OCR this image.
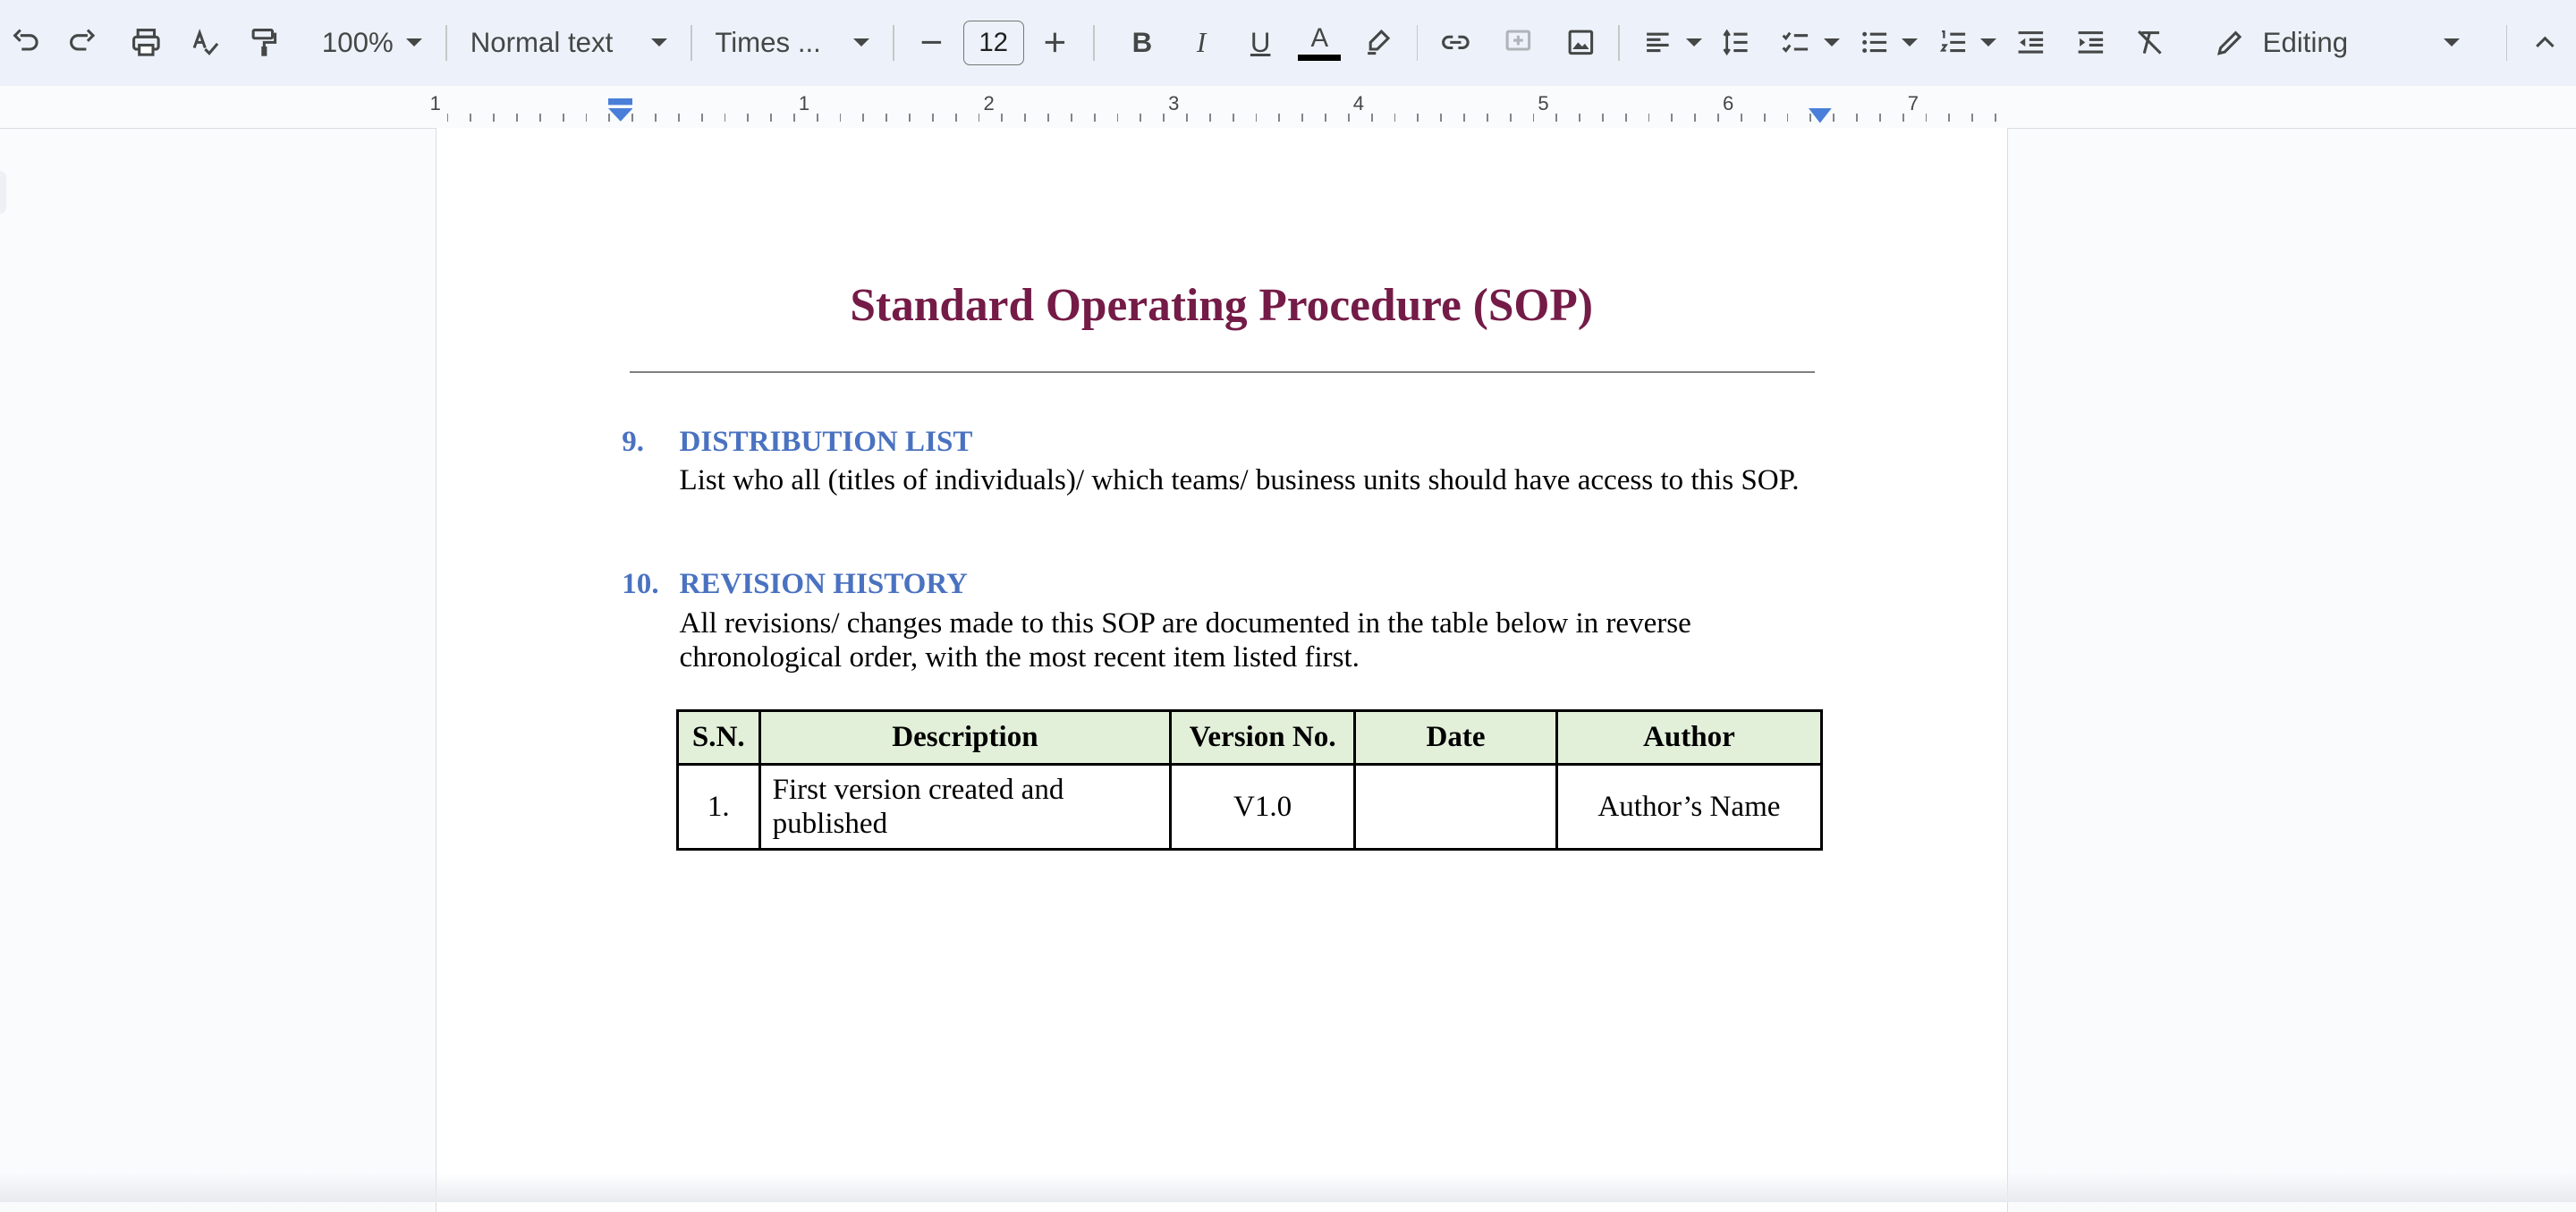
100%	Normal text	Times ...	12	B	I	U	A	Editing
1	1	2	3	4	5	6	7
Standard Operating Procedure (SOP)
9. DISTRIBUTION LIST
List who all (titles of individuals)/ which teams/ business units should have access to this SOP.
10. REVISION HISTORY
All revisions/ changes made to this SOP are documented in the table below in reverse chronological order, with the most recent item listed first.
S.N.	Description	Version No.	Date	Author
1.	First version created and published	V1.0		Author’s Name
